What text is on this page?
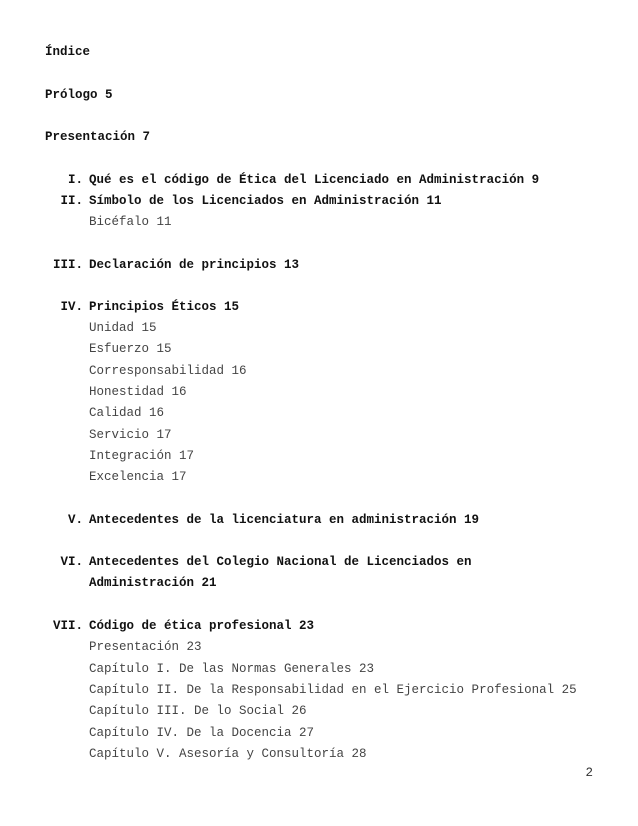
Índice
Prólogo 5
Presentación 7
I. Qué es el código de Ética del Licenciado en Administración 9
II. Símbolo de los Licenciados en Administración 11
Bicéfalo 11
III. Declaración de principios 13
IV. Principios Éticos 15
Unidad 15
Esfuerzo 15
Corresponsabilidad 16
Honestidad 16
Calidad 16
Servicio 17
Integración 17
Excelencia 17
V. Antecedentes de la licenciatura en administración 19
VI. Antecedentes del Colegio Nacional de Licenciados en
Administración 21
VII. Código de ética profesional 23
Presentación 23
Capítulo I. De las Normas Generales 23
Capítulo II. De la Responsabilidad en el Ejercicio Profesional 25
Capítulo III. De lo Social 26
Capítulo IV. De la Docencia 27
Capítulo V. Asesoría y Consultoría 28
2
